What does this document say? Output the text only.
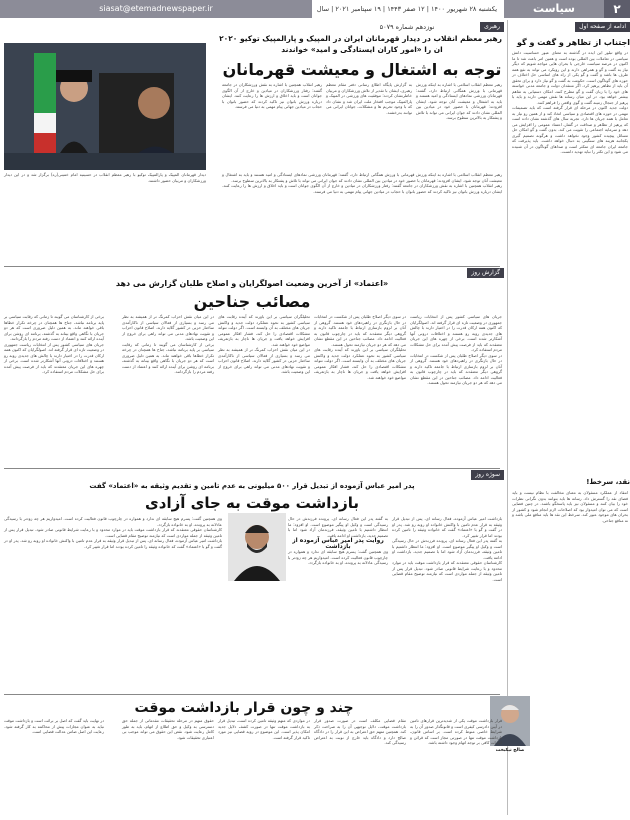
۲
سیاست
یکشنبه ۲۸ شهریور ۱۴۰۰ | ۱۲ صفر ۱۴۴۳ | ۱۹ سپتامبر ۲۰۲۱ | سال نوزدهم شماره ۵۰۷۹
siasat@etemadnewspaper.ir
ادامه از صفحه اول
اجتناب از تظاهر و گفت و گو
در واقع تبلور این ایده در گذشته به معنای عبور حساسیت دانش سیاسی در تعاملات بین المللی بوده است و همین امر باعث شد تا ما اکنون در عرصه سیاست خارجی با بحران هایی مواجه شویم که دیگر نیاز به گفت و گو و همراهی دارند و این رویکرد می تواند به نفع همه طرف ها باشد و گفت و گو یکی از راه های اساسی حل اختلاف در حوزه های گوناگون است. حکومت به گفت و گو نیاز دارد و برای تحقق آن باید از تظاهر پرهیز کرد. اگر منتقدان دولت و جامعه مدنی خواسته های خود را با زبان گفت و گو مطرح کنند، امکان دستیابی به تفاهم بیشتر خواهد بود. در این میان رسانه ها نقش مهمی دارند و باید با پرهیز از جنجال زمینه گفت و گوی واقعی را فراهم کنند.
دولت جدید اکنون در مرحله ای قرار گرفته است که باید تصمیمات مهمی در حوزه های اقتصادی و سیاسی اتخاذ کند و از همین رو نیاز به تعامل با همه جریان ها دارد. تجربه سال های گذشته نشان داده است که پرهیز از تظاهر و صداقت در گفتار، اعتماد عمومی را افزایش می دهد و سرمایه اجتماعی را تقویت می کند. بدون گفت و گو امکان حل مسائل پیچیده کشور وجود نخواهد داشت و هرگونه تصمیم گیری یکجانبه هزینه های سنگینی به دنبال خواهد داشت. باید پذیرفت که جامعه ایران جامعه ای متکثر است و صداهای گوناگون در آن شنیده می شود و این تکثر را نباید تهدید دانست.
نقد، سرخط!
انتقاد از عملکرد مسئولان به معنای مخالفت با نظام نیست و باید فضای نقد را گسترش داد. رسانه ها باید بتوانند بدون نگرانی نظرات خود را بیان کنند و مسئولان نیز باید پاسخگو باشند. در چنین فضایی است که می توان امیدوار بود که اصلاحات لازم انجام شود و کشور از بحران های موجود عبور کند. سرخط این نقد ها باید منافع ملی باشد و نه منافع جناحی.
رهبری
رهبر معظم انقلاب در دیدار قهرمانان ایران در المپیک و پارالمپیک توکیو ۲۰۲۰
ان را «امور کاران ایستادگی و امید» خواندند
توجه به اشتغال و معیشت قهرمانان
رهبر معظم انقلاب اسلامی با اشاره به اینکه ورزش قهرمانی با ورزش همگانی ارتباط دارد، گفتند: قهرمانان ورزشی نمادهای ایستادگی و امید هستند و باید به اشتغال و معیشت آنان توجه شود. ایشان افزودند: قهرمانان با حضور خود در میادین بین المللی نشان دادند که جوان ایرانی می تواند با تلاش و پشتکار به بالاترین سطوح برسد.
به گزارش پایگاه اطلاع رسانی دفتر مقام معظم رهبری، ایشان با تقدیر از تلاش ورزشکاران و مربیان خاطرنشان کردند: موفقیت های ورزشی در المپیک و پارالمپیک موجب افتخار ملت ایران شد و نشان داد که با وجود تحریم ها و مشکلات، جوانان ایرانی می توانند بدرخشند.
رهبر انقلاب همچنین با اشاره به نقش ورزشکاران در جامعه گفتند: رفتار ورزشکاران در میادین و خارج از آن الگوی جوانان است و باید اخلاق و ارزش ها را رعایت کنند. ایشان درباره ورزش بانوان نیز تاکید کردند که حضور بانوان با حجاب در میادین جهانی پیام مهمی به دنیا می فرستد.
دیدار قهرمانان المپیک و پارالمپیک توکیو با رهبر معظم انقلاب در حسینیه امام خمینی(ره) برگزار شد و در این دیدار ورزشکاران و مربیان حضور داشتند.
رهبر معظم انقلاب اسلامی با اشاره به اینکه ورزش قهرمانی با ورزش همگانی ارتباط دارد، گفتند: قهرمانان ورزشی نمادهای ایستادگی و امید هستند و باید به اشتغال و معیشت آنان توجه شود. ایشان افزودند: قهرمانان با حضور خود در میادین بین المللی نشان دادند که جوان ایرانی می تواند با تلاش و پشتکار به بالاترین سطوح برسد.
رهبر انقلاب همچنین با اشاره به نقش ورزشکاران در جامعه گفتند: رفتار ورزشکاران در میادین و خارج از آن الگوی جوانان است و باید اخلاق و ارزش ها را رعایت کنند. ایشان درباره ورزش بانوان نیز تاکید کردند که حضور بانوان با حجاب در میادین جهانی پیام مهمی به دنیا می فرستد.
گزارش روز
«اعتماد» از آخرین وضعیت اصولگرایان و اصلاح طلبان گزارش می دهد
مصائب جناحین
جریان های سیاسی کشور پس از انتخابات ریاست جمهوری در وضعیت تازه ای قرار گرفته اند. اصولگرایان که اکنون همه ارکان قدرت را در اختیار دارند با چالش های جدیدی روبه رو هستند و اختلافات درونی آنها آشکارتر شده است. برخی از چهره های این جریان معتقدند که باید از فرصت پیش آمده برای حل مشکلات مردم استفاده کرد.
در سوی دیگر اصلاح طلبان پس از شکست در انتخابات در حال بازنگری در راهبردهای خود هستند. گروهی از آنان بر لزوم بازسازی ارتباط با جامعه تاکید دارند و گروهی دیگر معتقدند که باید در چارچوب قانون به فعالیت ادامه داد. مصائب جناحین در این مقطع نشان می دهد که هر دو جریان نیازمند تحول هستند.
در سوی دیگر اصلاح طلبان پس از شکست در انتخابات در حال بازنگری در راهبردهای خود هستند. گروهی از آنان بر لزوم بازسازی ارتباط با جامعه تاکید دارند و گروهی دیگر معتقدند که باید در چارچوب قانون به فعالیت ادامه داد. مصائب جناحین در این مقطع نشان می دهد که هر دو جریان نیازمند تحول هستند.
تحلیلگران سیاسی بر این باورند که آینده رقابت های سیاسی کشور به نحوه عملکرد دولت جدید و واکنش جریان های مختلف به آن وابسته است. اگر دولت نتواند مشکلات اقتصادی را حل کند، فشار افکار عمومی افزایش خواهد یافت و جریان ها ناچار به بازتعریف مواضع خود خواهند شد.
تحلیلگران سیاسی بر این باورند که آینده رقابت های سیاسی کشور به نحوه عملکرد دولت جدید و واکنش جریان های مختلف به آن وابسته است. اگر دولت نتواند مشکلات اقتصادی را حل کند، فشار افکار عمومی افزایش خواهد یافت و جریان ها ناچار به بازتعریف مواضع خود خواهند شد.
در این میان نقش احزاب کمرنگ تر از همیشه به نظر می رسد و بسیاری از فعالان سیاسی از ناکارآمدی ساختار حزبی در کشور گلایه دارند. اصلاح قانون احزاب و تقویت نهادهای مدنی می تواند راهی برای خروج از این وضعیت باشد.
در این میان نقش احزاب کمرنگ تر از همیشه به نظر می رسد و بسیاری از فعالان سیاسی از ناکارآمدی ساختار حزبی در کشور گلایه دارند. اصلاح قانون احزاب و تقویت نهادهای مدنی می تواند راهی برای خروج از این وضعیت باشد.
برخی از کارشناسان می گویند تا زمانی که رقابت سیاسی بر پایه برنامه نباشد، جناح ها همچنان در چرخه تکرار خطاها باقی خواهند ماند. به همین دلیل ضروری است که هر دو جریان با نگاهی واقع بینانه به گذشته، برنامه ای روشن برای آینده ارائه کنند و اعتماد از دست رفته مردم را بازگردانند.
برخی از کارشناسان می گویند تا زمانی که رقابت سیاسی بر پایه برنامه نباشد، جناح ها همچنان در چرخه تکرار خطاها باقی خواهند ماند. به همین دلیل ضروری است که هر دو جریان با نگاهی واقع بینانه به گذشته، برنامه ای روشن برای آینده ارائه کنند و اعتماد از دست رفته مردم را بازگردانند.
جریان های سیاسی کشور پس از انتخابات ریاست جمهوری در وضعیت تازه ای قرار گرفته اند. اصولگرایان که اکنون همه ارکان قدرت را در اختیار دارند با چالش های جدیدی روبه رو هستند و اختلافات درونی آنها آشکارتر شده است. برخی از چهره های این جریان معتقدند که باید از فرصت پیش آمده برای حل مشکلات مردم استفاده کرد.
سوژه روز
پدر امیر عباس آزموده از تبدیل قرار ۵۰۰ میلیونی به عدم تامین و تقدیم وثیقه به «اعتماد» گفت
بازداشت موقت به جای آزادی
بازداشت امیر عباس آزموده، فعال رسانه ای، پس از تبدیل قرار وثیقه به قرار عدم تامین با واکنش خانواده او روبه رو شد. پدر او در گفت و گو با «اعتماد» گفت که خانواده وثیقه را تامین کرده بودند اما قرار تغییر کرد.
به گفته پدر این فعال رسانه ای، پرونده فرزندش در حال رسیدگی است و وکیل او پیگیر موضوع است. او افزود: ما انتظار داشتیم با تامین وثیقه، فرزندمان آزاد شود اما با تصمیم جدید، بازداشت او ادامه یافت.
کارشناسان حقوقی معتقدند که قرار بازداشت موقت باید در موارد محدود و با رعایت شرایط قانونی صادر شود. تبدیل قرار پس از تامین وثیقه از جمله مواردی است که نیازمند توضیح مقام قضایی است.
به گفته پدر این فعال رسانه ای، پرونده فرزندش در حال رسیدگی است و وکیل او پیگیر موضوع است. او افزود: ما انتظار داشتیم با تامین وثیقه، فرزندمان آزاد شود اما با تصمیم جدید، بازداشت او ادامه یافت.
روایت پدر امیر عباس آزموده از بازداشت
وی همچنین گفت: پسرم هیچ سابقه ای ندارد و همواره در چارچوب قانون فعالیت کرده است. امیدواریم هر چه زودتر با رسیدگی عادلانه به پرونده، او به خانواده بازگردد.
وی همچنین گفت: پسرم هیچ سابقه ای ندارد و همواره در چارچوب قانون فعالیت کرده است. امیدواریم هر چه زودتر با رسیدگی عادلانه به پرونده، او به خانواده بازگردد.
کارشناسان حقوقی معتقدند که قرار بازداشت موقت باید در موارد محدود و با رعایت شرایط قانونی صادر شود. تبدیل قرار پس از تامین وثیقه از جمله مواردی است که نیازمند توضیح مقام قضایی است.
بازداشت امیر عباس آزموده، فعال رسانه ای، پس از تبدیل قرار وثیقه به قرار عدم تامین با واکنش خانواده او روبه رو شد. پدر او در گفت و گو با «اعتماد» گفت که خانواده وثیقه را تامین کرده بودند اما قرار تغییر کرد.
چند و چون قرار بازداشت موقت
صالح نیکبخت
قرار بازداشت موقت یکی از شدیدترین قرارهای تامین در آیین دادرسی کیفری است و قانونگذار صدور آن را به شرایط خاصی منوط کرده است. بر اساس قانون، بازداشت موقت تنها در صورتی مجاز است که قرائن و امارات کافی بر توجه اتهام وجود داشته باشد.
مقام قضایی مکلف است در صورت صدور قرار بازداشت موقت، دلایل توجیهی آن را به صراحت ذکر کند. همچنین متهم حق اعتراض به این قرار را در دادگاه صالح دارد و دادگاه باید خارج از نوبت به اعتراض رسیدگی کند.
در مواردی که متهم وثیقه تامین کرده است، تبدیل قرار به بازداشت موقت تنها در صورت کشف دلایل جدید امکان پذیر است. این موضوع در رویه قضایی نیز مورد تاکید قرار گرفته است.
حقوق متهم در مرحله تحقیقات مقدماتی از جمله حق دسترسی به وکیل و حق اطلاع از اتهام، باید به طور کامل رعایت شود. نقض این حقوق می تواند موجب بی اعتباری تحقیقات شود.
در نهایت باید گفت که اصل بر برائت است و بازداشت موقت نباید به عنوان مجازات پیش از محاکمه به کار گرفته شود. رعایت این اصل ضامن عدالت قضایی است.
